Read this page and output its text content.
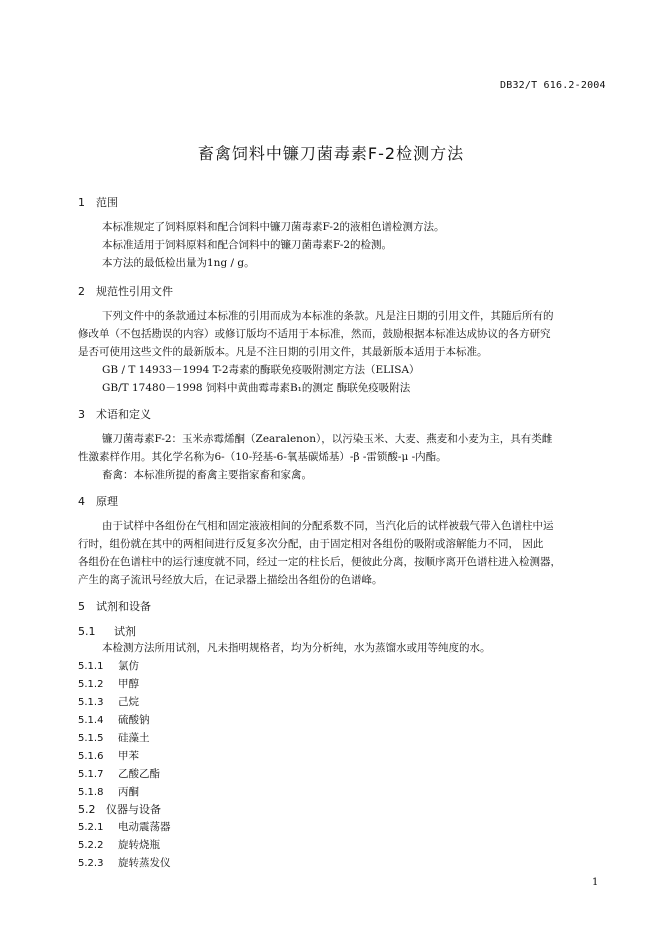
DB32/T 616.2-2004
畜禽饲料中镰刀菌毒素F-2检测方法
1 范围
本标准规定了饲料原料和配合饲料中镰刀菌毒素F-2的液相色谱检测方法。
本标准适用于饲料原料和配合饲料中的镰刀菌毒素F-2的检测。
本方法的最低检出量为1ng / g。
2 规范性引用文件
下列文件中的条款通过本标准的引用而成为本标准的条款。凡是注日期的引用文件，其随后所有的
修改单（不包括勘误的内容）或修订版均不适用于本标准，然而，鼓励根据本标准达成协议的各方研究
是否可使用这些文件的最新版本。凡是不注日期的引用文件，其最新版本适用于本标准。
GB / T 14933－1994 T-2毒素的酶联免疫吸附测定方法（ELISA）
GB/T 17480－1998 饲料中黄曲霉毒素B₁的测定 酶联免疫吸附法
3 术语和定义
镰刀菌毒素F-2：玉米赤霉烯酮（Zearalenon），以污染玉米、大麦、燕麦和小麦为主，具有类雌
性激素样作用。其化学名称为6-（10-羟基-6-氧基碳烯基）-β -雷锁酸-μ -内酯。
畜禽：本标准所提的畜禽主要指家畜和家禽。
4 原理
由于试样中各组份在气相和固定液液相间的分配系数不同，当汽化后的试样被载气带入色谱柱中运
行时，组份就在其中的两相间进行反复多次分配，由于固定相对各组份的吸附或溶解能力不同， 因此
各组份在色谱柱中的运行速度就不同，经过一定的柱长后，便彼此分离，按顺序离开色谱柱进入检测器，
产生的离子流讯号经放大后，在记录器上描绘出各组份的色谱峰。
5 试剂和设备
5.1 试剂
本检测方法所用试剂，凡未指明规格者，均为分析纯，水为蒸馏水或用等纯度的水。
5.1.1 氯仿
5.1.2 甲醇
5.1.3 己烷
5.1.4 硫酸钠
5.1.5 硅藻土
5.1.6 甲苯
5.1.7 乙酸乙酯
5.1.8 丙酮
5.2 仪器与设备
5.2.1 电动震荡器
5.2.2 旋转烧瓶
5.2.3 旋转蒸发仪
1
